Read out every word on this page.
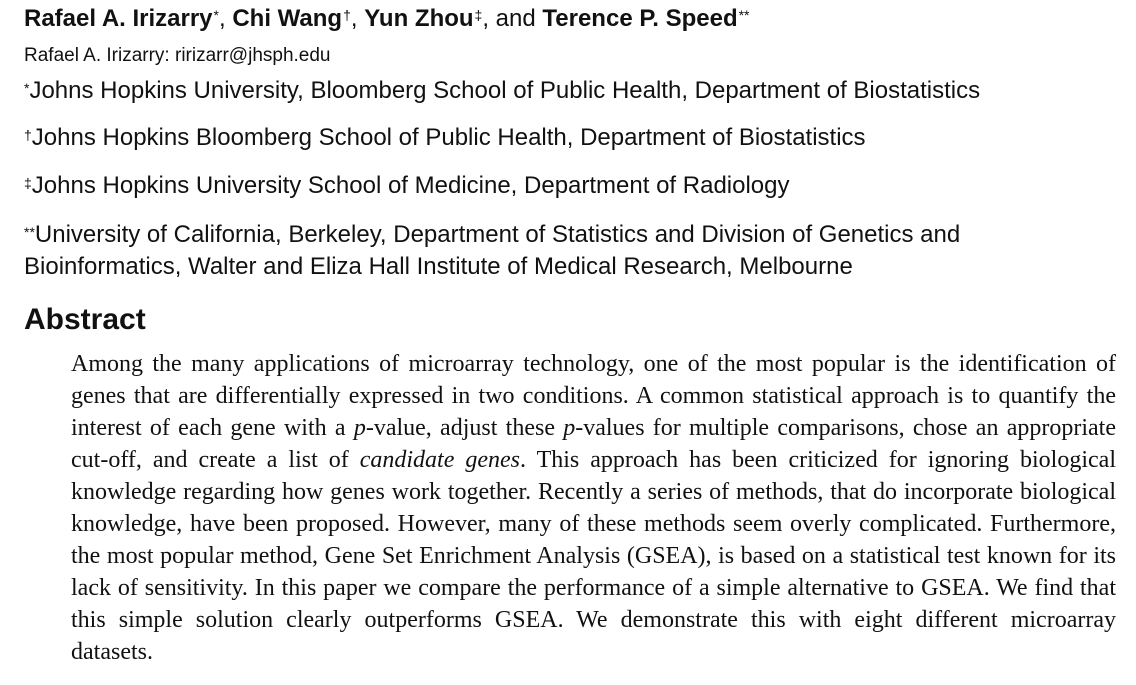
Rafael A. Irizarry*, Chi Wang†, Yun Zhou‡, and Terence P. Speed**
Rafael A. Irizarry: ririzarr@jhsph.edu
*Johns Hopkins University, Bloomberg School of Public Health, Department of Biostatistics
†Johns Hopkins Bloomberg School of Public Health, Department of Biostatistics
‡Johns Hopkins University School of Medicine, Department of Radiology
**University of California, Berkeley, Department of Statistics and Division of Genetics and Bioinformatics, Walter and Eliza Hall Institute of Medical Research, Melbourne
Abstract
Among the many applications of microarray technology, one of the most popular is the identification of genes that are differentially expressed in two conditions. A common statistical approach is to quantify the interest of each gene with a p-value, adjust these p-values for multiple comparisons, chose an appropriate cut-off, and create a list of candidate genes. This approach has been criticized for ignoring biological knowledge regarding how genes work together. Recently a series of methods, that do incorporate biological knowledge, have been proposed. However, many of these methods seem overly complicated. Furthermore, the most popular method, Gene Set Enrichment Analysis (GSEA), is based on a statistical test known for its lack of sensitivity. In this paper we compare the performance of a simple alternative to GSEA. We find that this simple solution clearly outperforms GSEA. We demonstrate this with eight different microarray datasets.
